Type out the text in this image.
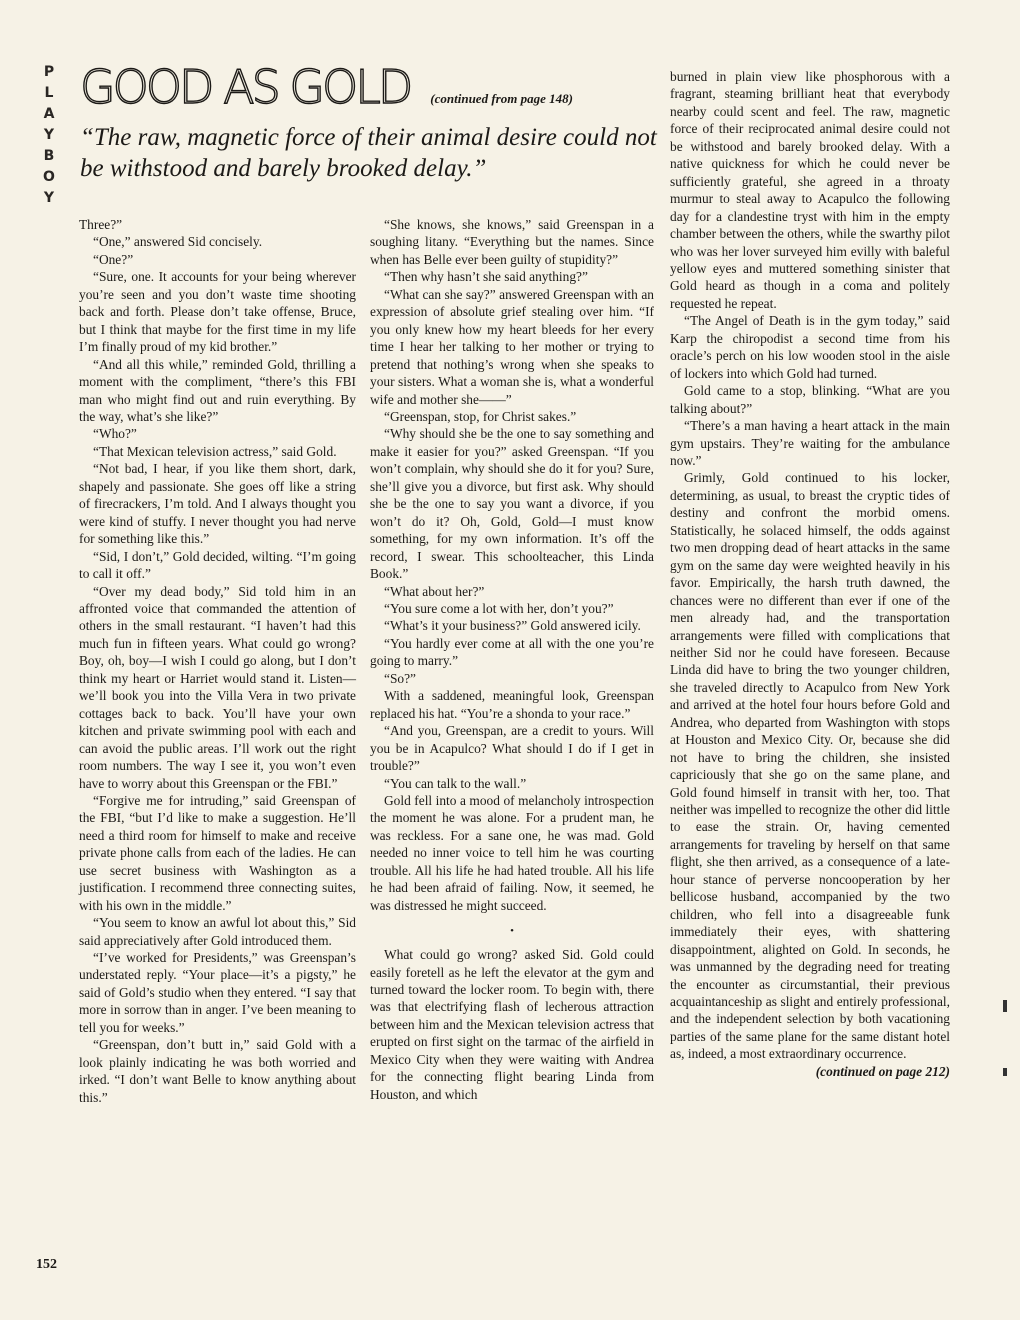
P
L
A
Y
B
O
Y
GOOD AS GOLD (continued from page 148)
“The raw, magnetic force of their animal desire could not be withstood and barely brooked delay.”

Three?”

“One,” answered Sid concisely.

“One?”

“Sure, one. It accounts for your being wherever you’re seen and you don’t waste time shooting back and forth. Please don’t take offense, Bruce, but I think that maybe for the first time in my life I’m finally proud of my kid brother.”

“And all this while,” reminded Gold, thrilling a moment with the compliment, “there’s this FBI man who might find out and ruin everything. By the way, what’s she like?”

“Who?”

“That Mexican television actress,” said Gold.

“Not bad, I hear, if you like them short, dark, shapely and passionate. She goes off like a string of firecrackers, I’m told. And I always thought you were kind of stuffy. I never thought you had nerve for something like this.”

“Sid, I don’t,” Gold decided, wilting. “I’m going to call it off.”

“Over my dead body,” Sid told him in an affronted voice that commanded the attention of others in the small restaurant. “I haven’t had this much fun in fifteen years. What could go wrong? Boy, oh, boy—I wish I could go along, but I don’t think my heart or Harriet would stand it. Listen—we’ll book you into the Villa Vera in two private cottages back to back. You’ll have your own kitchen and private swimming pool with each and can avoid the public areas. I’ll work out the right room numbers. The way I see it, you won’t even have to worry about this Greenspan or the FBI.”

“Forgive me for intruding,” said Greenspan of the FBI, “but I’d like to make a suggestion. He’ll need a third room for himself to make and receive private phone calls from each of the ladies. He can use secret business with Washington as a justification. I recommend three connecting suites, with his own in the middle.”

“You seem to know an awful lot about this,” Sid said appreciatively after Gold introduced them.

“I’ve worked for Presidents,” was Greenspan’s understated reply. “Your place—it’s a pigsty,” he said of Gold’s studio when they entered. “I say that more in sorrow than in anger. I’ve been meaning to tell you for weeks.”

“Greenspan, don’t butt in,” said Gold with a look plainly indicating he was both worried and irked. “I don’t want Belle to know anything about this.”

“She knows, she knows,” said Greenspan in a soughing litany. “Everything but the names. Since when has Belle ever been guilty of stupidity?”

“Then why hasn’t she said anything?”

“What can she say?” answered Greenspan with an expression of absolute grief stealing over him. “If you only knew how my heart bleeds for her every time I hear her talking to her mother or trying to pretend that nothing’s wrong when she speaks to your sisters. What a woman she is, what a wonderful wife and mother she——”

“Greenspan, stop, for Christ sakes.”

“Why should she be the one to say something and make it easier for you?” asked Greenspan. “If you won’t complain, why should she do it for you? Sure, she’ll give you a divorce, but first ask. Why should she be the one to say you want a divorce, if you won’t do it? Oh, Gold, Gold—I must know something, for my own information. It’s off the record, I swear. This schoolteacher, this Linda Book.”

“What about her?”

“You sure come a lot with her, don’t you?”

“What’s it your business?” Gold answered icily.

“You hardly ever come at all with the one you’re going to marry.”

“So?”

With a saddened, meaningful look, Greenspan replaced his hat. “You’re a shonda to your race.”

“And you, Greenspan, are a credit to yours. Will you be in Acapulco? What should I do if I get in trouble?”

“You can talk to the wall.”

Gold fell into a mood of melancholy introspection the moment he was alone. For a prudent man, he was reckless. For a sane one, he was mad. Gold needed no inner voice to tell him he was courting trouble. All his life he had hated trouble. All his life he had been afraid of failing. Now, it seemed, he was distressed he might succeed.

•

What could go wrong? asked Sid. Gold could easily foretell as he left the elevator at the gym and turned toward the locker room. To begin with, there was that electrifying flash of lecherous attraction between him and the Mexican television actress that erupted on first sight on the tarmac of the airfield in Mexico City when they were waiting with Andrea for the connecting flight bearing Linda from Houston, and which

burned in plain view like phosphorous with a fragrant, steaming brilliant heat that everybody nearby could scent and feel. The raw, magnetic force of their reciprocated animal desire could not be withstood and barely brooked delay. With a native quickness for which he could never be sufficiently grateful, she agreed in a throaty murmur to steal away to Acapulco the following day for a clandestine tryst with him in the empty chamber between the others, while the swarthy pilot who was her lover surveyed him evilly with baleful yellow eyes and muttered something sinister that Gold heard as though in a coma and politely requested he repeat.

“The Angel of Death is in the gym today,” said Karp the chiropodist a second time from his oracle’s perch on his low wooden stool in the aisle of lockers into which Gold had turned.

Gold came to a stop, blinking. “What are you talking about?”

“There’s a man having a heart attack in the main gym upstairs. They’re waiting for the ambulance now.”

Grimly, Gold continued to his locker, determining, as usual, to breast the cryptic tides of destiny and confront the morbid omens. Statistically, he solaced himself, the odds against two men dropping dead of heart attacks in the same gym on the same day were weighted heavily in his favor. Empirically, the harsh truth dawned, the chances were no different than ever if one of the men already had, and the transportation arrangements were filled with complications that neither Sid nor he could have foreseen. Because Linda did have to bring the two younger children, she traveled directly to Acapulco from New York and arrived at the hotel four hours before Gold and Andrea, who departed from Washington with stops at Houston and Mexico City. Or, because she did not have to bring the children, she insisted capriciously that she go on the same plane, and Gold found himself in transit with her, too. That neither was impelled to recognize the other did little to ease the strain. Or, having cemented arrangements for traveling by herself on that same flight, she then arrived, as a consequence of a late-hour stance of perverse noncooperation by her bellicose husband, accompanied by the two children, who fell into a disagreeable funk immediately their eyes, with shattering disappointment, alighted on Gold. In seconds, he was unmanned by the degrading need for treating the encounter as circumstantial, their previous acquaintanceship as slight and entirely professional, and the independent selection by both vacationing parties of the same plane for the same distant hotel as, indeed, a most extraordinary occurrence.

(continued on page 212)
152
